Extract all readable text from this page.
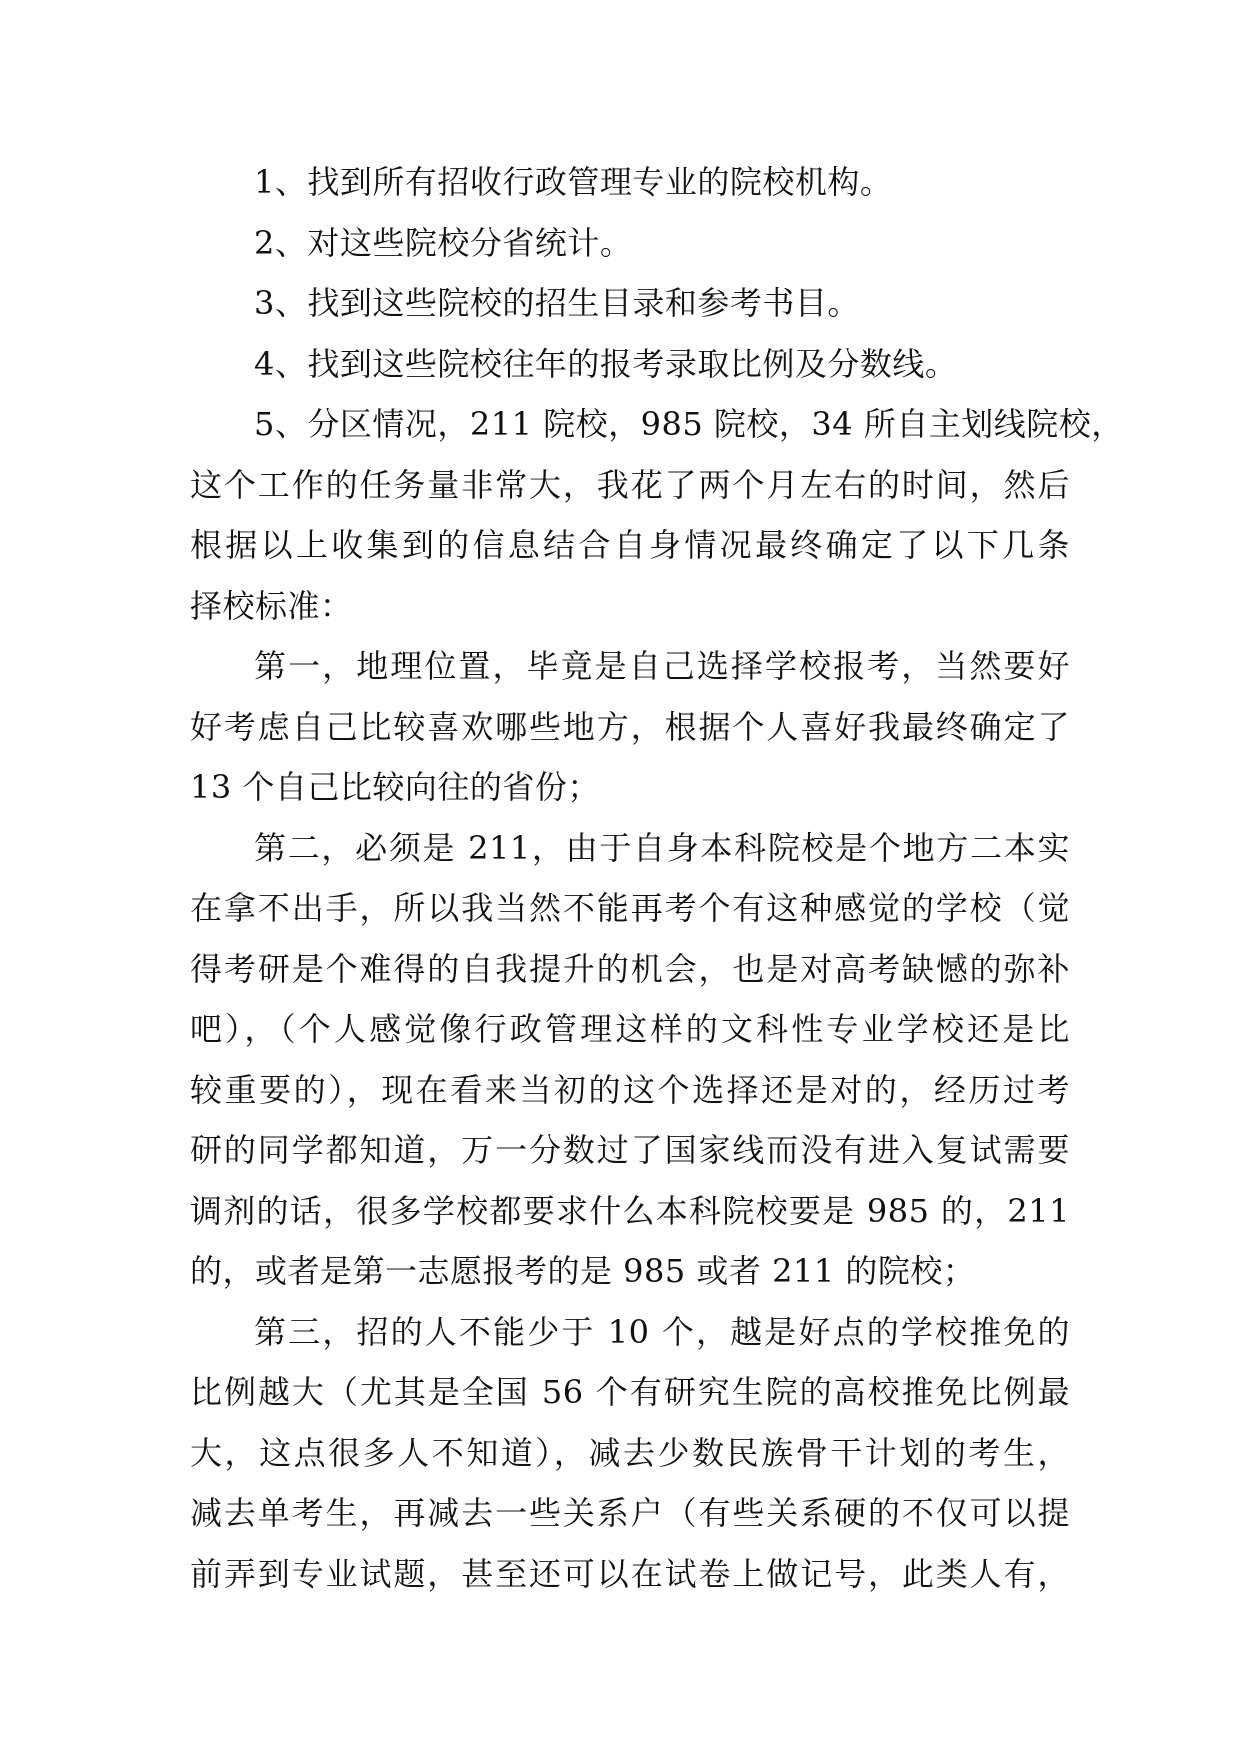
1、找到所有招收行政管理专业的院校机构。
2、对这些院校分省统计。
3、找到这些院校的招生目录和参考书目。
4、找到这些院校往年的报考录取比例及分数线。
5、分区情况，211 院校，985 院校，34 所自主划线院校，
这个工作的任务量非常大，我花了两个月左右的时间，然后
根据以上收集到的信息结合自身情况最终确定了以下几条
择校标准：
第一，地理位置，毕竟是自己选择学校报考，当然要好
好考虑自己比较喜欢哪些地方，根据个人喜好我最终确定了
13 个自己比较向往的省份；
第二，必须是 211，由于自身本科院校是个地方二本实
在拿不出手，所以我当然不能再考个有这种感觉的学校（觉
得考研是个难得的自我提升的机会，也是对高考缺憾的弥补
吧），（个人感觉像行政管理这样的文科性专业学校还是比
较重要的），现在看来当初的这个选择还是对的，经历过考
研的同学都知道，万一分数过了国家线而没有进入复试需要
调剂的话，很多学校都要求什么本科院校要是 985 的，211
的，或者是第一志愿报考的是 985 或者 211 的院校；
第三，招的人不能少于 10 个，越是好点的学校推免的
比例越大（尤其是全国 56 个有研究生院的高校推免比例最
大，这点很多人不知道），减去少数民族骨干计划的考生，
减去单考生，再减去一些关系户（有些关系硬的不仅可以提
前弄到专业试题，甚至还可以在试卷上做记号，此类人有，
